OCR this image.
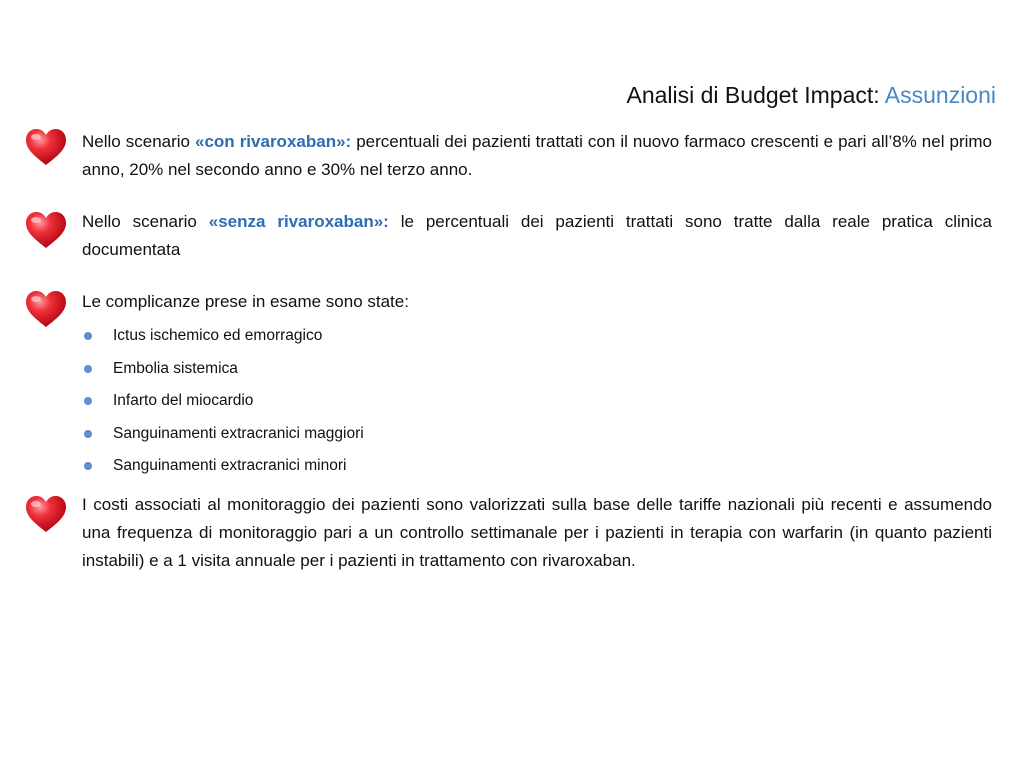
Analisi di Budget Impact: Assunzioni

Nello scenario «con rivaroxaban»: percentuali dei pazienti trattati con il nuovo farmaco crescenti e pari all’8% nel primo anno, 20% nel secondo anno e 30% nel terzo anno.

Nello scenario «senza rivaroxaban»: le percentuali dei pazienti trattati sono tratte dalla reale pratica clinica documentata

Le complicanze prese in esame sono state:

Ictus ischemico ed emorragico
Embolia sistemica
Infarto del miocardio
Sanguinamenti extracranici maggiori
Sanguinamenti extracranici minori

I costi associati al monitoraggio dei pazienti sono valorizzati sulla base delle tariffe nazionali più recenti e assumendo una frequenza di monitoraggio pari a un controllo settimanale per i pazienti in terapia con warfarin (in quanto pazienti instabili) e a 1 visita annuale per i pazienti in trattamento con rivaroxaban.
